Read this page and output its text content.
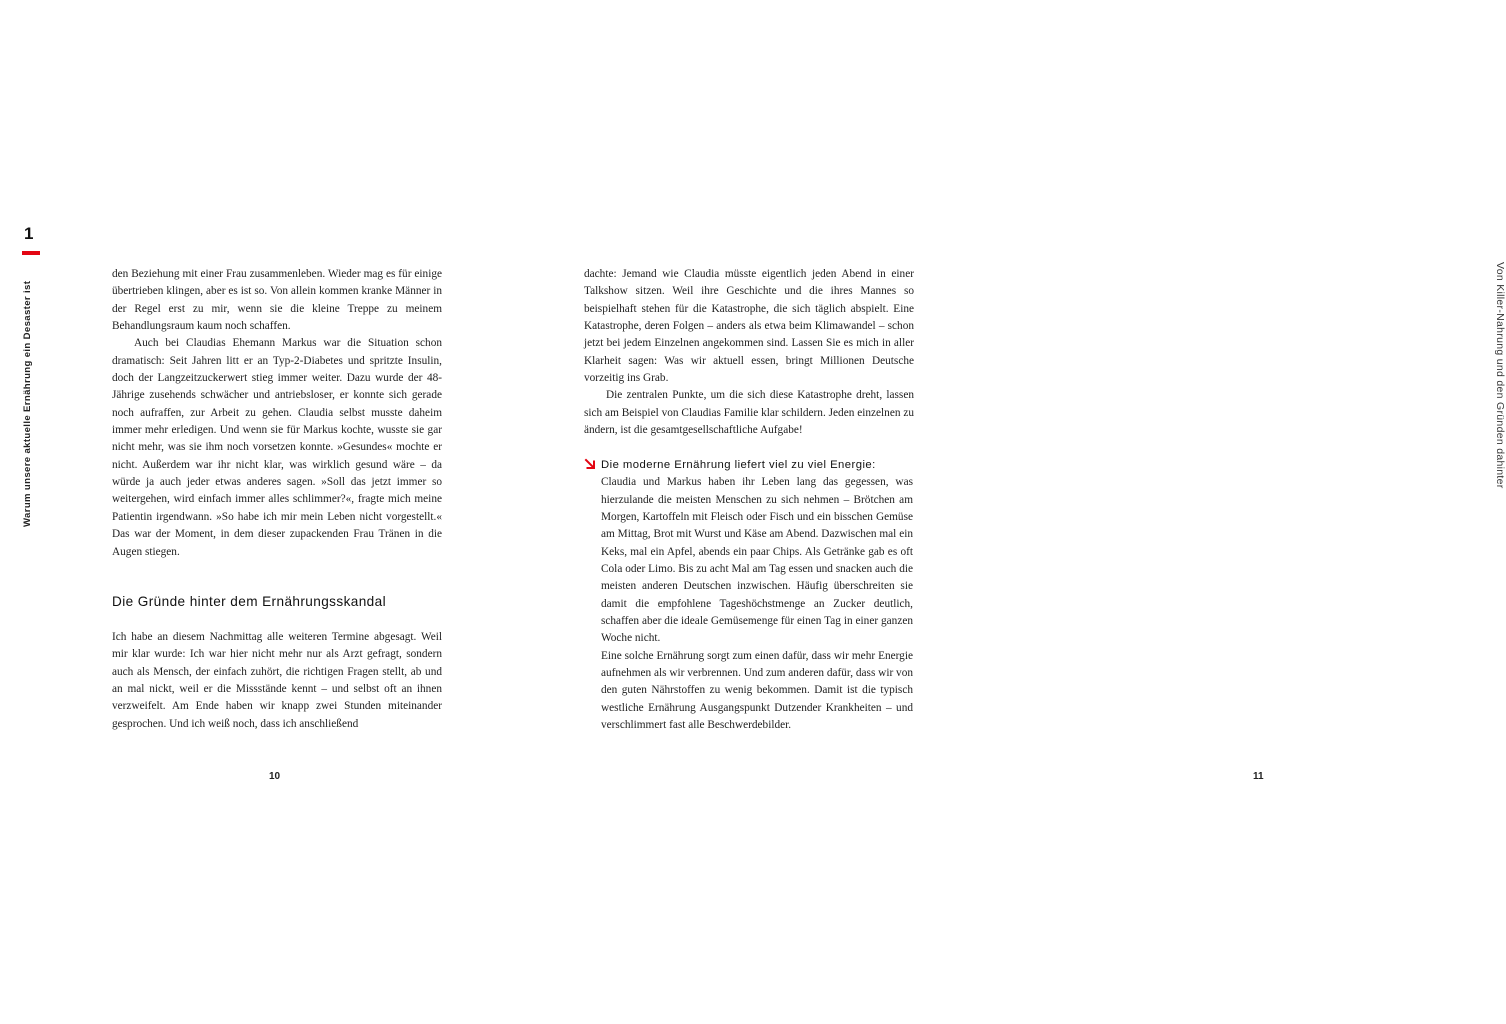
1
Warum unsere aktuelle Ernährung ein Desaster ist

den Beziehung mit einer Frau zusammenleben. Wieder mag es für einige übertrieben klingen, aber es ist so. Von allein kommen kranke Männer in der Regel erst zu mir, wenn sie die kleine Treppe zu meinem Behandlungsraum kaum noch schaffen.

Auch bei Claudias Ehemann Markus war die Situation schon dramatisch: Seit Jahren litt er an Typ-2-Diabetes und spritzte Insulin, doch der Langzeitzuckerwert stieg immer weiter. Dazu wurde der 48-Jährige zusehends schwächer und antriebsloser, er konnte sich gerade noch aufraffen, zur Arbeit zu gehen. Claudia selbst musste daheim immer mehr erledigen. Und wenn sie für Markus kochte, wusste sie gar nicht mehr, was sie ihm noch vorsetzen konnte. »Gesundes« mochte er nicht. Außerdem war ihr nicht klar, was wirklich gesund wäre – da würde ja auch jeder etwas anderes sagen. »Soll das jetzt immer so weitergehen, wird einfach immer alles schlimmer?«, fragte mich meine Patientin irgendwann. »So habe ich mir mein Leben nicht vorgestellt.« Das war der Moment, in dem dieser zupackenden Frau Tränen in die Augen stiegen.

Die Gründe hinter dem Ernährungsskandal

Ich habe an diesem Nachmittag alle weiteren Termine abgesagt. Weil mir klar wurde: Ich war hier nicht mehr nur als Arzt gefragt, sondern auch als Mensch, der einfach zuhört, die richtigen Fragen stellt, ab und an mal nickt, weil er die Missstände kennt – und selbst oft an ihnen verzweifelt. Am Ende haben wir knapp zwei Stunden miteinander gesprochen. Und ich weiß noch, dass ich anschließend

10
Von Killer-Nahrung und den Gründen dahinter
11

dachte: Jemand wie Claudia müsste eigentlich jeden Abend in einer Talkshow sitzen. Weil ihre Geschichte und die ihres Mannes so beispielhaft stehen für die Katastrophe, die sich täglich abspielt. Eine Katastrophe, deren Folgen – anders als etwa beim Klimawandel – schon jetzt bei jedem Einzelnen angekommen sind. Lassen Sie es mich in aller Klarheit sagen: Was wir aktuell essen, bringt Millionen Deutsche vorzeitig ins Grab.

Die zentralen Punkte, um die sich diese Katastrophe dreht, lassen sich am Beispiel von Claudias Familie klar schildern. Jeden einzelnen zu ändern, ist die gesamtgesellschaftliche Aufgabe!

Die moderne Ernährung liefert viel zu viel Energie:

Claudia und Markus haben ihr Leben lang das gegessen, was hierzulande die meisten Menschen zu sich nehmen – Brötchen am Morgen, Kartoffeln mit Fleisch oder Fisch und ein bisschen Gemüse am Mittag, Brot mit Wurst und Käse am Abend. Dazwischen mal ein Keks, mal ein Apfel, abends ein paar Chips. Als Getränke gab es oft Cola oder Limo. Bis zu acht Mal am Tag essen und snacken auch die meisten anderen Deutschen inzwischen. Häufig überschreiten sie damit die empfohlene Tageshöchstmenge an Zucker deutlich, schaffen aber die ideale Gemüsemenge für einen Tag in einer ganzen Woche nicht.

Eine solche Ernährung sorgt zum einen dafür, dass wir mehr Energie aufnehmen als wir verbrennen. Und zum anderen dafür, dass wir von den guten Nährstoffen zu wenig bekommen. Damit ist die typisch westliche Ernährung Ausgangspunkt Dutzender Krankheiten – und verschlimmert fast alle Beschwerdebilder.
